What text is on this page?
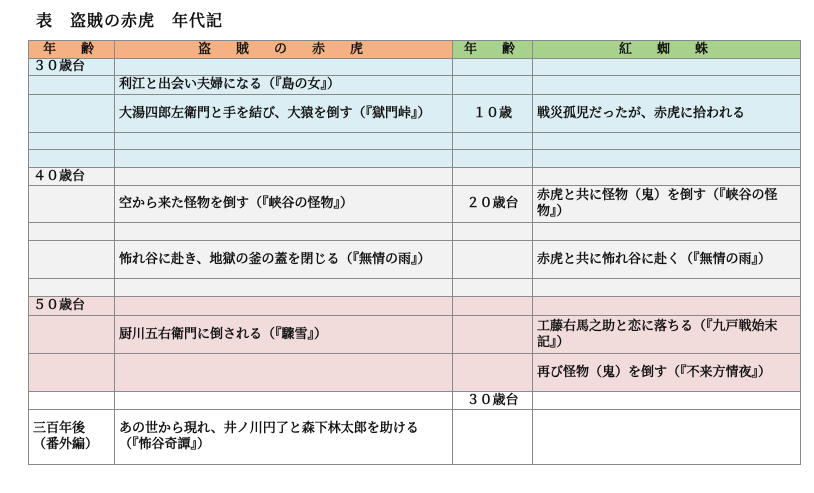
表　盗賊の赤虎　年代記
年　齢	盗　賊　の　赤　虎	年　齢	紅　蜘　蛛
３０歳台			
	利江と出会い夫婦になる（『島の女』）		
	大湯四郎左衛門と手を結び、大猿を倒す（『獄門峠』）	１０歳	戦災孤児だったが、赤虎に拾われる

４０歳台			
	空から来た怪物を倒す（『峡谷の怪物』）	２０歳台	赤虎と共に怪物（鬼）を倒す（『峡谷の怪物』）

	怖れ谷に赴き、地獄の釜の蓋を閉じる（『無情の雨』）		赤虎と共に怖れ谷に赴く（『無情の雨』）

５０歳台			
	厨川五右衛門に倒される（『驟雪』）		工藤右馬之助と恋に落ちる（『九戸戦始末記』）
			再び怪物（鬼）を倒す（『不来方情夜』）
		３０歳台	
三百年後（番外編）	あの世から現れ、井ノ川円了と森下林太郎を助ける（『怖谷奇譚』）		
